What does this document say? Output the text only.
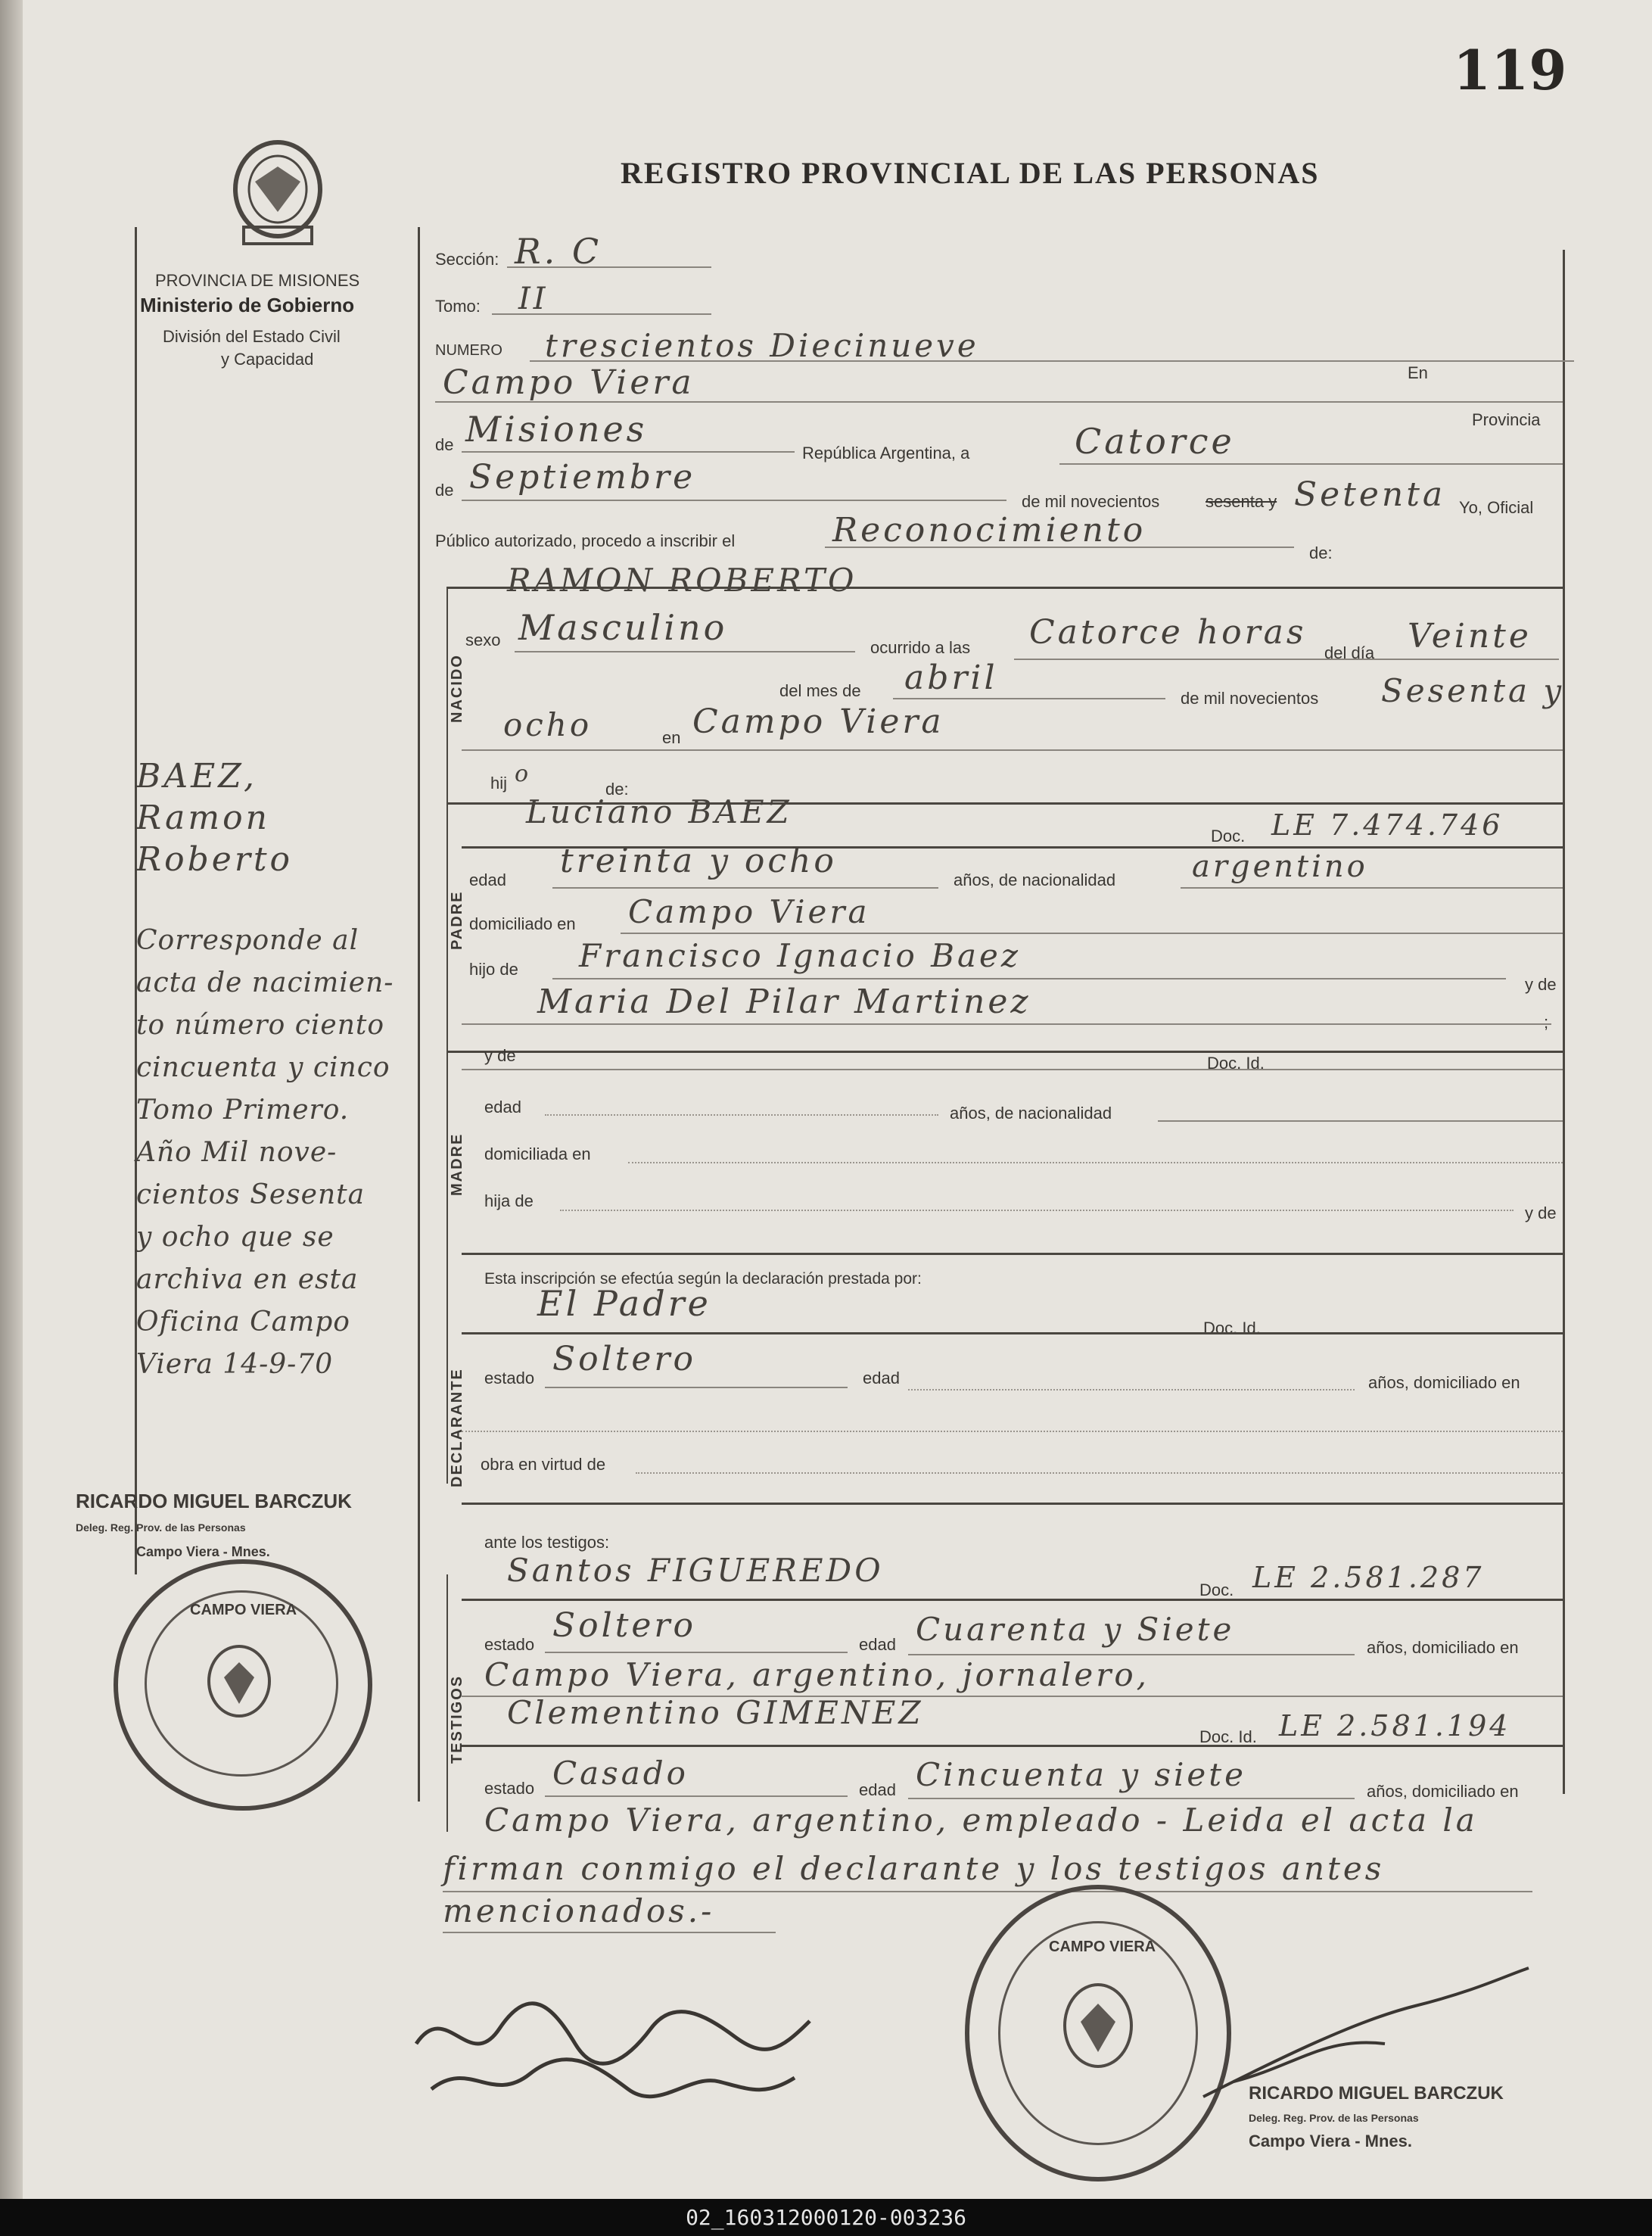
119
REGISTRO PROVINCIAL DE LAS PERSONAS
PROVINCIA DE MISIONES
Ministerio de Gobierno
División del Estado Civil
y Capacidad
Sección: R. C
Tomo: II
NUMERO trescientos Diecinueve
Campo Viera	En
de Misiones	Provincia
República Argentina, a	Catorce
de Septiembre
de mil novecientos	sesenta y Setenta Yo, Oficial
Público autorizado, procedo a inscribir el	Reconocimiento
de:
RAMON ROBERTO
NACIDO
sexo Masculino	ocurrido a las Catorce horas
del día Veinte
del mes de abril
de mil novecientos Sesenta y
ocho	en Campo Viera
hij o
de:
PADRE
Luciano BAEZ
Doc. LE 7.474.746
edad treinta y ocho	años, de nacionalidad	argentino
domiciliado en Campo Viera
hijo de Francisco Ignacio Baez
y de
Maria Del Pilar Martinez
;
MADRE
y de	Doc. Id.
edad	años, de nacionalidad
domiciliada en
hija de
y de
Esta inscripción se efectúa según la declaración prestada por:
El Padre
Doc. Id.
DECLARANTE estado Soltero	edad	años, domiciliado en
obra en virtud de
ante los testigos:
Santos FIGUEREDO
Doc. LE 2.581.287
TESTIGOS
estado Soltero	edad Cuarenta y Siete	años, domiciliado en
Campo Viera, argentino, jornalero,
Clementino GIMENEZ
Doc. Id. LE 2.581.194
estado Casado	edad Cincuenta y siete	años, domiciliado en
Campo Viera, argentino, empleado - Leida el acta la
firman conmigo el declarante y los testigos antes
mencionados.-
BAEZ,
Ramon
Roberto
Corresponde al
acta de nacimien-
to número ciento
cincuenta y cinco
Tomo Primero.
Año Mil nove-
cientos Sesenta
y ocho que se
archiva en esta
Oficina Campo
Viera 14-9-70
RICARDO MIGUEL BARCZUK
Deleg. Reg. Prov. de las Personas
Campo Viera - Mnes.
CAMPO VIERA
CAMPO VIERA
RICARDO MIGUEL BARCZUK
Deleg. Reg. Prov. de las Personas
Campo Viera - Mnes.
02_160312000120-003236
